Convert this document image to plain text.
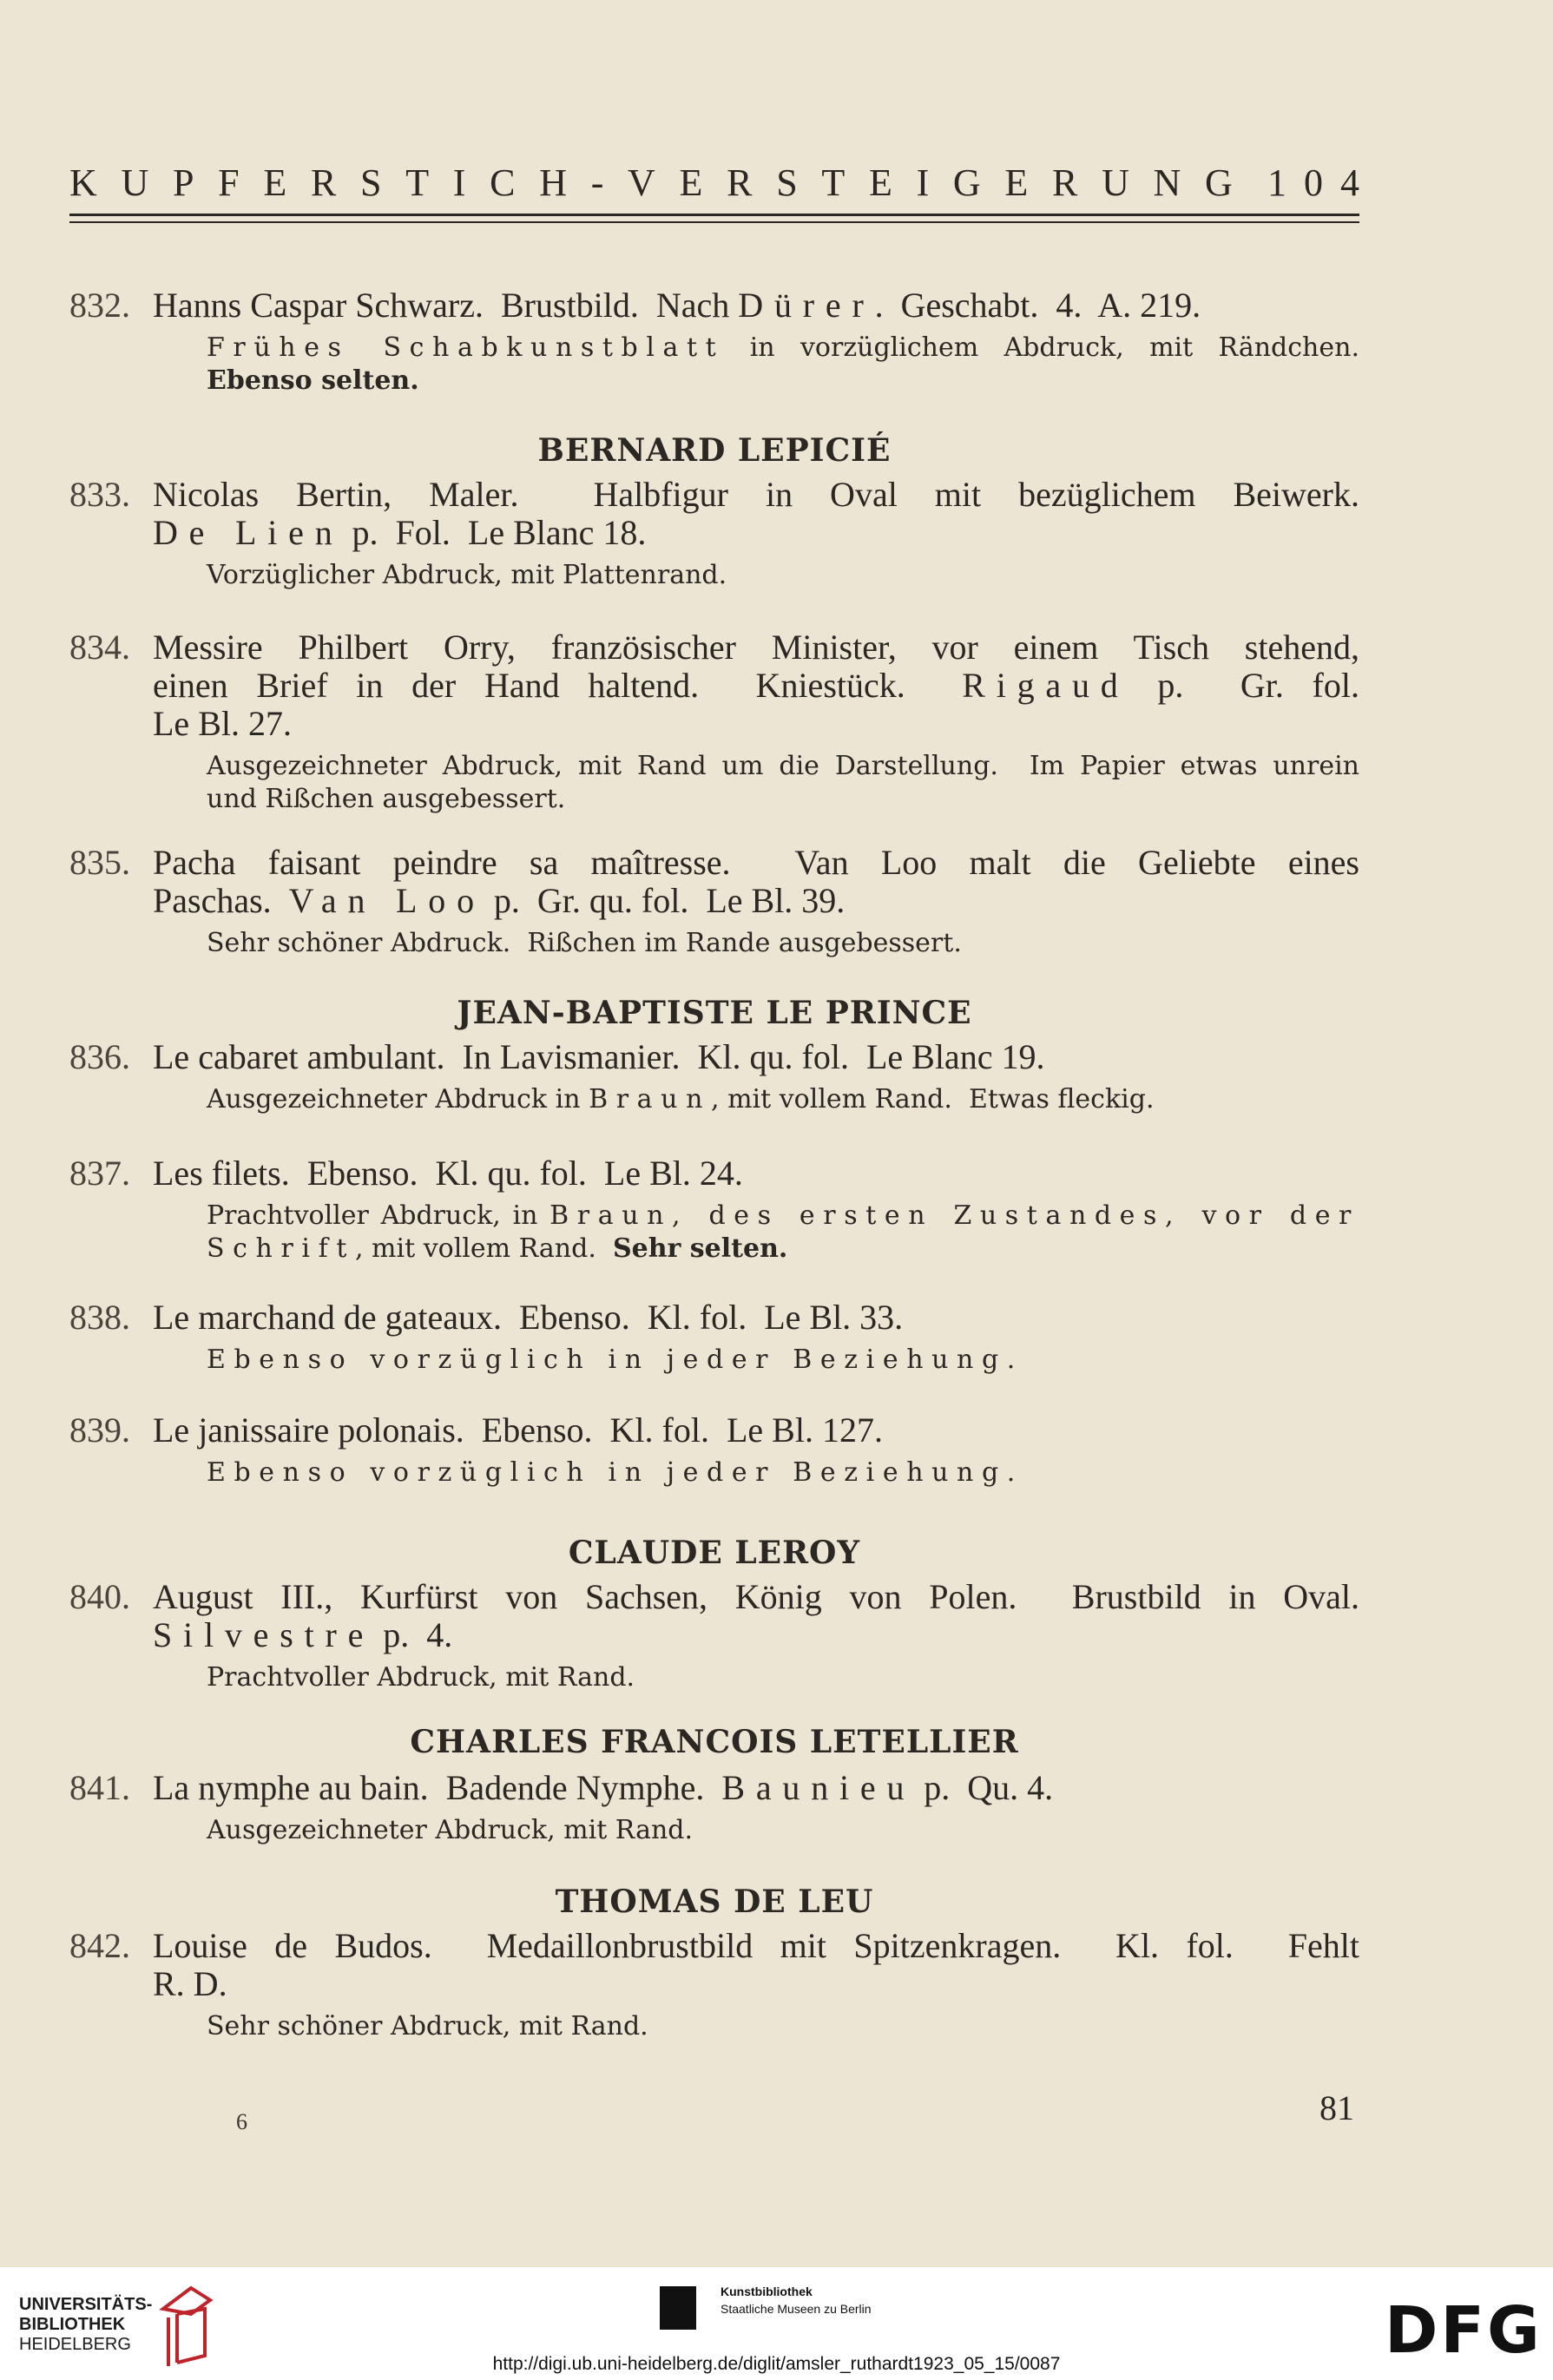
K U P F E R S T I C H - V E R S T E I G E R U N G 1 0 4
832. Hanns Caspar Schwarz.  Brustbild.  Nach Dürer.  Geschabt.  4.  A. 219.
Frühes Schabkunstblatt in vorzüglichem Abdruck, mit Rändchen.
Ebenso selten.
BERNARD LEPICIÉ
833. Nicolas Bertin, Maler.  Halbfigur in Oval mit bezüglichem Beiwerk.
De Lien p.  Fol.  Le Blanc 18.
Vorzüglicher Abdruck, mit Plattenrand.
834. Messire Philbert Orry, französischer Minister, vor einem Tisch stehend,
einen Brief in der Hand haltend.  Kniestück.  Rigaud p.  Gr. fol.
Le Bl. 27.
Ausgezeichneter Abdruck, mit Rand um die Darstellung.  Im Papier etwas unrein
und Rißchen ausgebessert.
835. Pacha faisant peindre sa maîtresse.  Van Loo malt die Geliebte eines
Paschas.  Van Loo p.  Gr. qu. fol.  Le Bl. 39.
Sehr schöner Abdruck.  Rißchen im Rande ausgebessert.
JEAN-BAPTISTE LE PRINCE
836. Le cabaret ambulant.  In Lavismanier.  Kl. qu. fol.  Le Blanc 19.
Ausgezeichneter Abdruck in Braun, mit vollem Rand.  Etwas fleckig.
837. Les filets.  Ebenso.  Kl. qu. fol.  Le Bl. 24.
Prachtvoller Abdruck, in Braun, des ersten Zustandes, vor der
Schrift, mit vollem Rand.  Sehr selten.
838. Le marchand de gateaux.  Ebenso.  Kl. fol.  Le Bl. 33.
Ebenso vorzüglich in jeder Beziehung.
839. Le janissaire polonais.  Ebenso.  Kl. fol.  Le Bl. 127.
Ebenso vorzüglich in jeder Beziehung.
CLAUDE LEROY
840. August III., Kurfürst von Sachsen, König von Polen.  Brustbild in Oval.
Silvestre p.  4.
Prachtvoller Abdruck, mit Rand.
CHARLES FRANCOIS LETELLIER
841. La nymphe au bain.  Badende Nymphe.  Baunieu p.  Qu. 4.
Ausgezeichneter Abdruck, mit Rand.
THOMAS DE LEU
842. Louise de Budos.  Medaillonbrustbild mit Spitzenkragen.  Kl. fol.  Fehlt
R. D.
Sehr schöner Abdruck, mit Rand.
6	81
UNIVERSITÄTS-
BIBLIOTHEK
HEIDELBERG
Kunstbibliothek
Staatliche Museen zu Berlin	DFG
http://digi.ub.uni-heidelberg.de/diglit/amsler_ruthardt1923_05_15/0087
